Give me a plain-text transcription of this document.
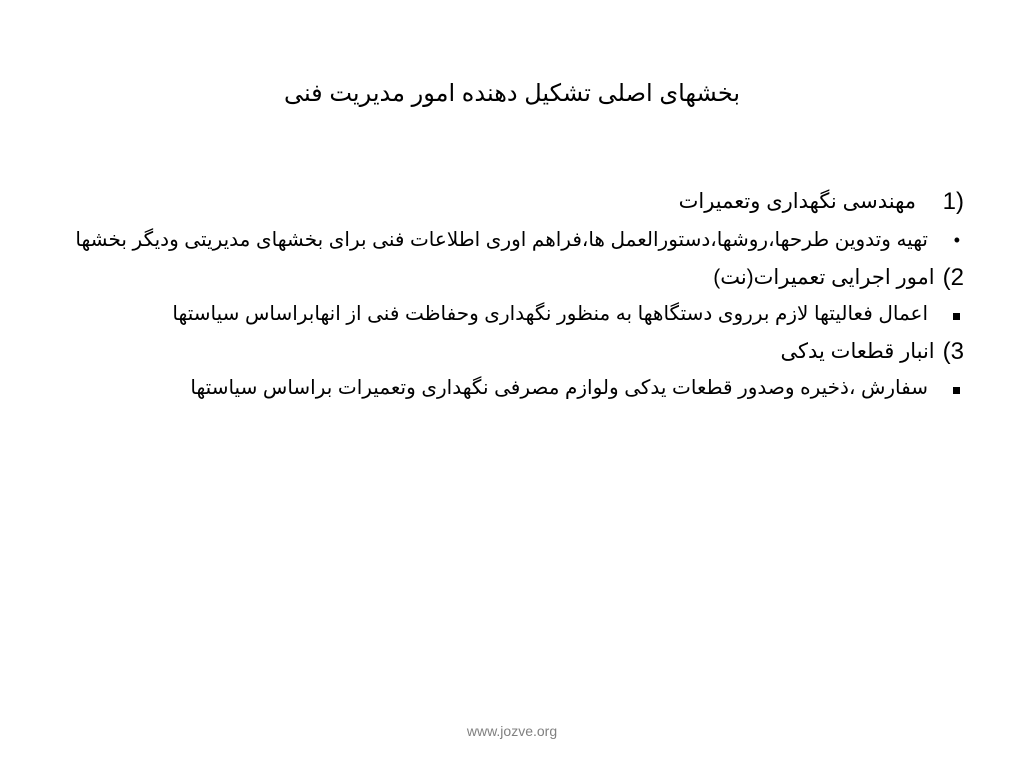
بخشهای اصلی تشکیل دهنده امور مدیریت فنی
1)
مهندسی نگهداری وتعمیرات
•
تهیه وتدوین طرحها،روشها،دستورالعمل ها،فراهم اوری اطلاعات فنی برای بخشهای مدیریتی ودیگر بخشها
2)
امور اجرایی تعمیرات(نت)
اعمال فعالیتها لازم برروی دستگاهها به منظور نگهداری وحفاظت فنی از انهابراساس سیاستها
3)
انبار قطعات یدکی
سفارش ،ذخیره وصدور قطعات یدکی ولوازم مصرفی نگهداری وتعمیرات براساس سیاستها
www.jozve.org
